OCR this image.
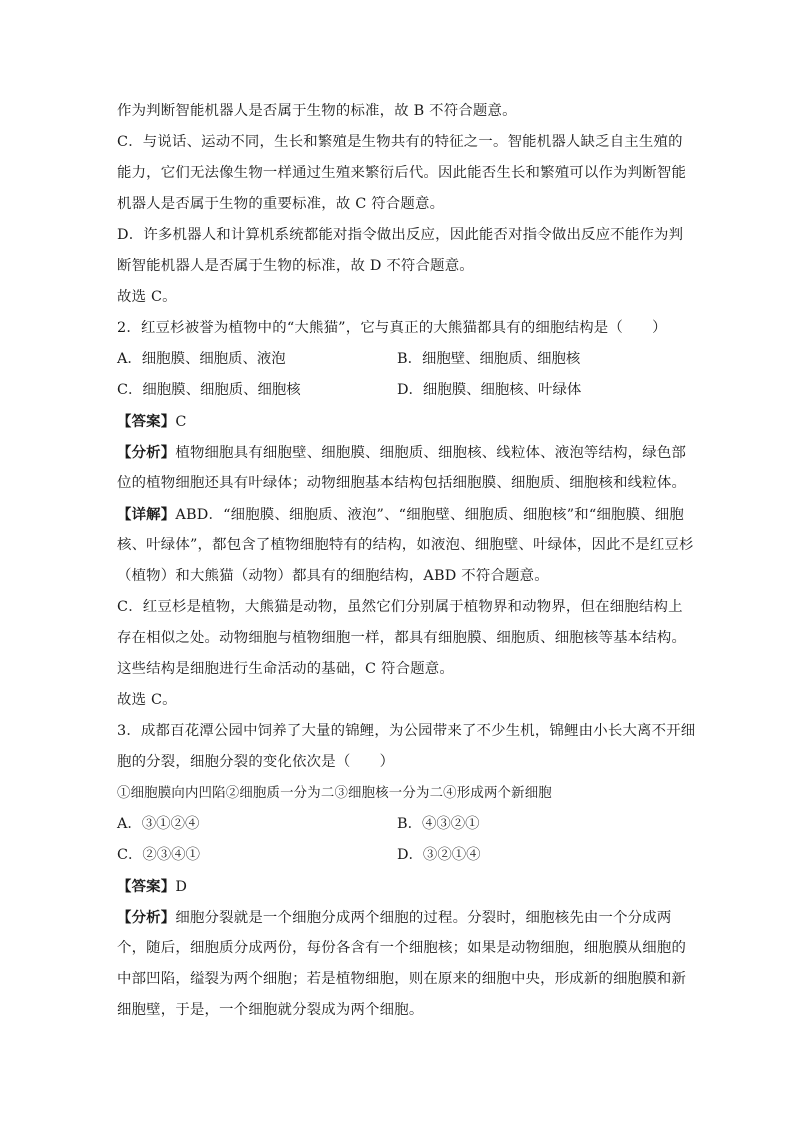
作为判断智能机器人是否属于生物的标准，故 B 不符合题意。
C．与说话、运动不同，生长和繁殖是生物共有的特征之一。智能机器人缺乏自主生殖的
能力，它们无法像生物一样通过生殖来繁衍后代。因此能否生长和繁殖可以作为判断智能
机器人是否属于生物的重要标准，故 C 符合题意。
D．许多机器人和计算机系统都能对指令做出反应，因此能否对指令做出反应不能作为判
断智能机器人是否属于生物的标准，故 D 不符合题意。
故选 C。
2．红豆杉被誉为植物中的“大熊猫”，它与真正的大熊猫都具有的细胞结构是（　　）
A．细胞膜、细胞质、液泡	B．细胞壁、细胞质、细胞核
C．细胞膜、细胞质、细胞核	D．细胞膜、细胞核、叶绿体
【答案】C
【分析】植物细胞具有细胞壁、细胞膜、细胞质、细胞核、线粒体、液泡等结构，绿色部
位的植物细胞还具有叶绿体；动物细胞基本结构包括细胞膜、细胞质、细胞核和线粒体。
【详解】ABD．“细胞膜、细胞质、液泡”、“细胞壁、细胞质、细胞核”和“细胞膜、细胞
核、叶绿体”，都包含了植物细胞特有的结构，如液泡、细胞壁、叶绿体，因此不是红豆杉
（植物）和大熊猫（动物）都具有的细胞结构，ABD 不符合题意。
C．红豆杉是植物，大熊猫是动物，虽然它们分别属于植物界和动物界，但在细胞结构上
存在相似之处。动物细胞与植物细胞一样，都具有细胞膜、细胞质、细胞核等基本结构。
这些结构是细胞进行生命活动的基础，C 符合题意。
故选 C。
3．成都百花潭公园中饲养了大量的锦鲤，为公园带来了不少生机，锦鲤由小长大离不开细
胞的分裂，细胞分裂的变化依次是（　　）
①细胞膜向内凹陷②细胞质一分为二③细胞核一分为二④形成两个新细胞
A．③①②④	B．④③②①
C．②③④①	D．③②①④
【答案】D
【分析】细胞分裂就是一个细胞分成两个细胞的过程。分裂时，细胞核先由一个分成两
个，随后，细胞质分成两份，每份各含有一个细胞核；如果是动物细胞，细胞膜从细胞的
中部凹陷，缢裂为两个细胞；若是植物细胞，则在原来的细胞中央，形成新的细胞膜和新
细胞壁，于是，一个细胞就分裂成为两个细胞。
